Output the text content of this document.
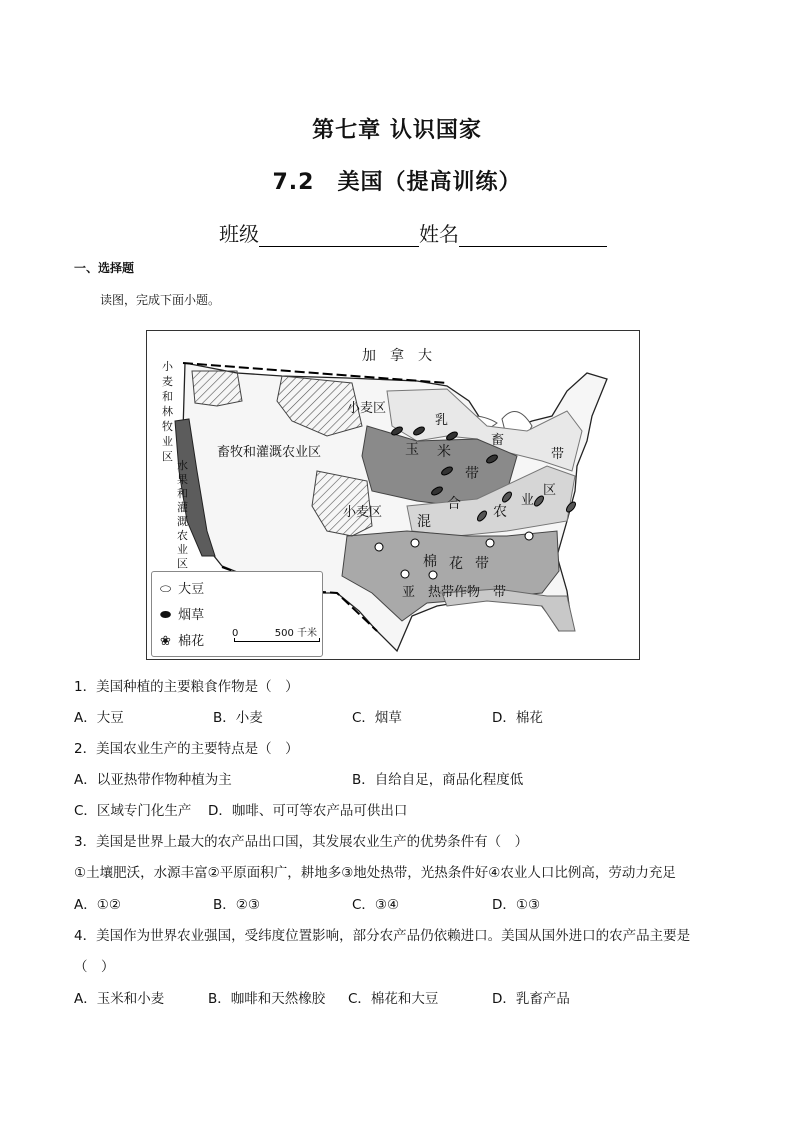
第七章 认识国家
7.2　美国（提高训练）
班级	姓名
一、选择题
读图，完成下面小题。
加　拿　大
畜牧和灌溉农业区
小麦区
小麦区
亚　热带作物　带
小
麦
和
林
牧
业
区
水
果
和
灌
溉
农
业
区
乳
畜
业
带
区
玉 米
带
混
合 农
棉 花 带
⬭ 大豆
⬬ 烟草
❀ 棉花
0	500 千米
1．美国种植的主要粮食作物是（　）
A．大豆	B．小麦	C．烟草	D．棉花
2．美国农业生产的主要特点是（　）
A．以亚热带作物种植为主	B．自给自足，商品化程度低
C．区域专门化生产 D．咖啡、可可等农产品可供出口
3．美国是世界上最大的农产品出口国，其发展农业生产的优势条件有（　）
①土壤肥沃，水源丰富②平原面积广，耕地多③地处热带，光热条件好④农业人口比例高，劳动力充足
A．①②	B．②③	C．③④	D．①③
4．美国作为世界农业强国，受纬度位置影响，部分农产品仍依赖进口。美国从国外进口的农产品主要是
（　）
A．玉米和小麦	B．咖啡和天然橡胶 C．棉花和大豆	D．乳畜产品
